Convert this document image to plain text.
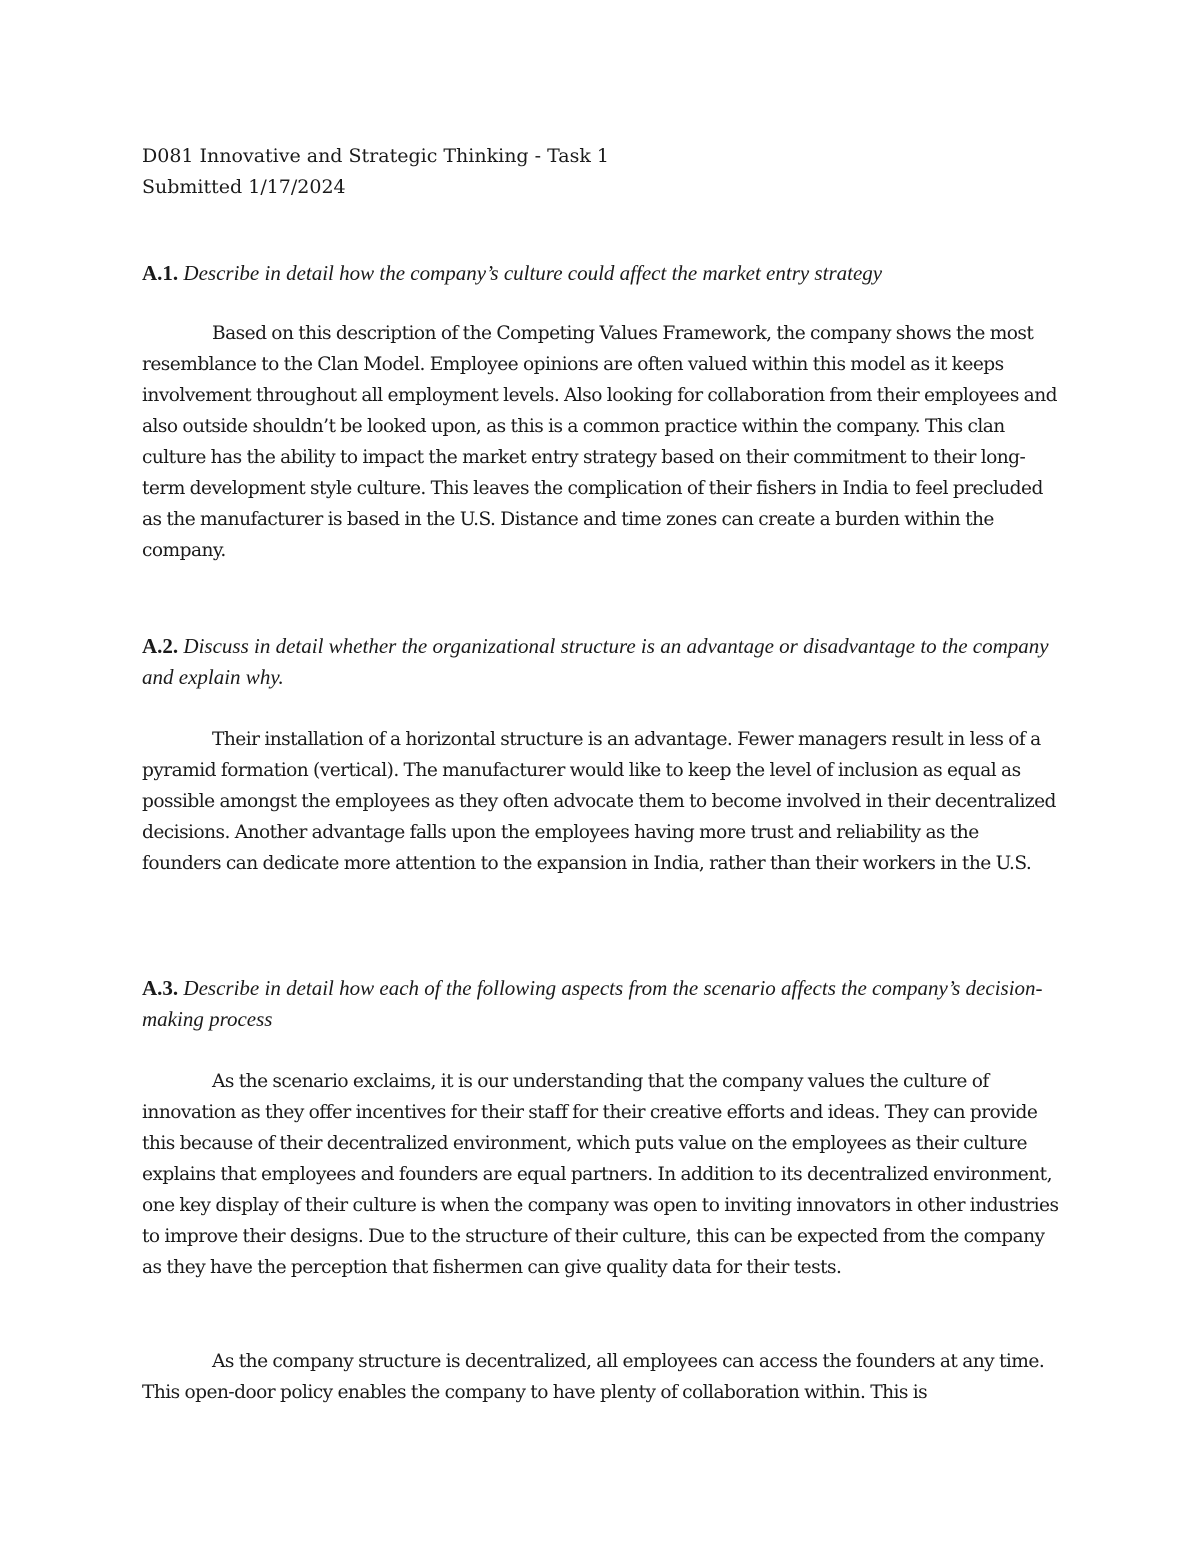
D081 Innovative and Strategic Thinking - Task 1
Submitted 1/17/2024
A.1. Describe in detail how the company’s culture could affect the market entry strategy
Based on this description of the Competing Values Framework, the company shows the most resemblance to the Clan Model. Employee opinions are often valued within this model as it keeps involvement throughout all employment levels. Also looking for collaboration from their employees and also outside shouldn’t be looked upon, as this is a common practice within the company. This clan culture has the ability to impact the market entry strategy based on their commitment to their long-term development style culture. This leaves the complication of their fishers in India to feel precluded as the manufacturer is based in the U.S. Distance and time zones can create a burden within the company.
A.2. Discuss in detail whether the organizational structure is an advantage or disadvantage to the company and explain why.
Their installation of a horizontal structure is an advantage. Fewer managers result in less of a pyramid formation (vertical). The manufacturer would like to keep the level of inclusion as equal as possible amongst the employees as they often advocate them to become involved in their decentralized decisions. Another advantage falls upon the employees having more trust and reliability as the founders can dedicate more attention to the expansion in India, rather than their workers in the U.S.
A.3. Describe in detail how each of the following aspects from the scenario affects the company’s decision-making process
As the scenario exclaims, it is our understanding that the company values the culture of innovation as they offer incentives for their staff for their creative efforts and ideas. They can provide this because of their decentralized environment, which puts value on the employees as their culture explains that employees and founders are equal partners. In addition to its decentralized environment, one key display of their culture is when the company was open to inviting innovators in other industries to improve their designs. Due to the structure of their culture, this can be expected from the company as they have the perception that fishermen can give quality data for their tests.
As the company structure is decentralized, all employees can access the founders at any time. This open-door policy enables the company to have plenty of collaboration within. This is
